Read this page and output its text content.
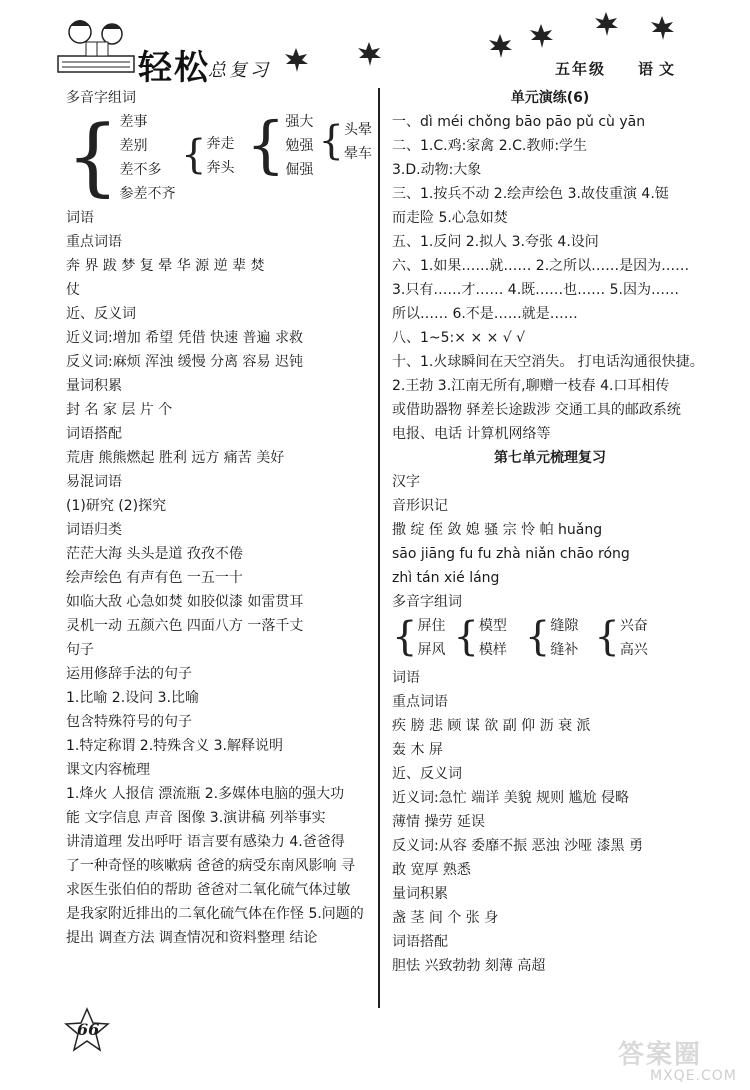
轻松
总复习	五年级 语文
多音字组词
{ 差事
差别
差不多
参差不齐
{ 奔走
奔头 { 强大
勉强
倔强
{ 头晕
晕车
词语
重点词语
奔 界 跋 梦 复 晕 华 源 逆 辈 焚
仗
近、反义词
近义词:增加 希望 凭借 快速 普遍 求救
反义词:麻烦 浑浊 缓慢 分离 容易 迟钝
量词积累
封 名 家 层 片 个
词语搭配
荒唐 熊熊燃起 胜利 远方 痛苦 美好
易混词语
(1)研究 (2)探究
词语归类
茫茫大海 头头是道 孜孜不倦
绘声绘色 有声有色 一五一十
如临大敌 心急如焚 如胶似漆 如雷贯耳
灵机一动 五颜六色 四面八方 一落千丈
句子
运用修辞手法的句子
1.比喻 2.设问 3.比喻
包含特殊符号的句子
1.特定称谓 2.特殊含义 3.解释说明
课文内容梳理
1.烽火 人报信 漂流瓶 2.多媒体电脑的强大功
能 文字信息 声音 图像 3.演讲稿 列举事实
讲清道理 发出呼吁 语言要有感染力 4.爸爸得
了一种奇怪的咳嗽病 爸爸的病受东南风影响 寻
求医生张伯伯的帮助 爸爸对二氧化硫气体过敏
是我家附近排出的二氧化硫气体在作怪 5.问题的
提出 调查方法 调查情况和资料整理 结论
单元演练(6)
一、dì méi chǒng bāo pāo pǔ cù yān
二、1.C.鸡:家禽 2.C.教师:学生
3.D.动物:大象
三、1.按兵不动 2.绘声绘色 3.故伎重演 4.铤
而走险 5.心急如焚
五、1.反问 2.拟人 3.夸张 4.设问
六、1.如果……就…… 2.之所以……是因为……
3.只有……才…… 4.既……也…… 5.因为……
所以…… 6.不是……就是……
八、1~5:× × × √ √
十、1.火球瞬间在天空消失。 打电话沟通很快捷。
2.王勃 3.江南无所有,聊赠一枝春 4.口耳相传
或借助器物 驿差长途跋涉 交通工具的邮政系统
电报、电话 计算机网络等
第七单元梳理复习
汉字
音形识记
撒 绽 侄 敛 媳 骚 宗 怜 帕 huǎng
sāo jiāng fu fu zhà niǎn chāo róng
zhì tán xié láng
多音字组词
{ 屏住
屏风 { 模型
模样 { 缝隙
缝补 { 兴奋
高兴
词语
重点词语
疾 膀 悲 顾 谋 欲 副 仰 沥 衰 派
轰 木 屏
近、反义词
近义词:急忙 端详 美貌 规则 尴尬 侵略
薄情 操劳 延误
反义词:从容 委靡不振 恶浊 沙哑 漆黑 勇
敢 宽厚 熟悉
量词积累
盏 茎 间 个 张 身
词语搭配
胆怯 兴致勃勃 刻薄 高超
66
答案圈
MXQE.COM
